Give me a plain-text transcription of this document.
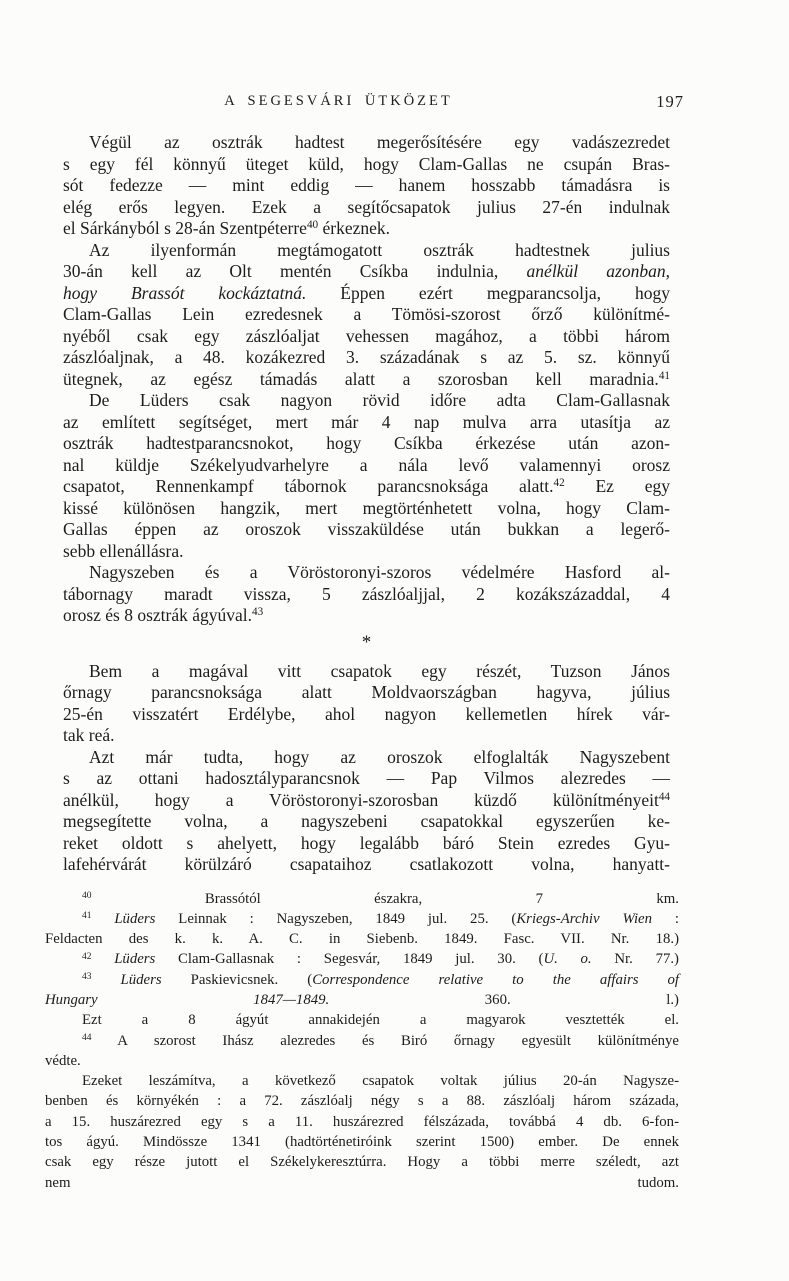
A SEGESVÁRI ÜTKÖZET	197
Végül az osztrák hadtest megerősítésére egy vadászezredet
s egy fél könnyű üteget küld, hogy Clam-Gallas ne csupán Bras-
sót fedezze — mint eddig — hanem hosszabb támadásra is
elég erős legyen. Ezek a segítőcsapatok julius 27-én indulnak
el Sárkányból s 28-án Szentpéterre$^{40}$ érkeznek.
Az ilyenformán megtámogatott osztrák hadtestnek julius
30-án kell az Olt mentén Csíkba indulnia, anélkül azonban,
hogy Brassót kockáztatná. Éppen ezért megparancsolja, hogy
Clam-Gallas Lein ezredesnek a Tömösi-szorost őrző különítmé-
nyéből csak egy zászlóaljat vehessen magához, a többi három
zászlóaljnak, a 48. kozákezred 3. századának s az 5. sz. könnyű
ütegnek, az egész támadás alatt a szorosban kell maradnia.$^{41}$
De Lüders csak nagyon rövid időre adta Clam-Gallasnak
az említett segítséget, mert már 4 nap mulva arra utasítja az
osztrák hadtestparancsnokot, hogy Csíkba érkezése után azon-
nal küldje Székelyudvarhelyre a nála levő valamennyi orosz
csapatot, Rennenkampf tábornok parancsnoksága alatt.$^{42}$ Ez egy
kissé különösen hangzik, mert megtörténhetett volna, hogy Clam-
Gallas éppen az oroszok visszaküldése után bukkan a legerő-
sebb ellenállásra.
Nagyszeben és a Vöröstoronyi-szoros védelmére Hasford al-
tábornagy maradt vissza, 5 zászlóaljjal, 2 kozákszázaddal, 4
orosz és 8 osztrák ágyúval.$^{43}$
*
Bem a magával vitt csapatok egy részét, Tuzson János
őrnagy parancsnoksága alatt Moldvaországban hagyva, július
25-én visszatért Erdélybe, ahol nagyon kellemetlen hírek vár-
tak reá.
Azt már tudta, hogy az oroszok elfoglalták Nagyszebent
s az ottani hadosztályparancsnok — Pap Vilmos alezredes —
anélkül, hogy a Vöröstoronyi-szorosban küzdő különítményeit$^{44}$
megsegítette volna, a nagyszebeni csapatokkal egyszerűen ke-
reket oldott s ahelyett, hogy legalább báró Stein ezredes Gyu-
lafehérvárát körülzáró csapataihoz csatlakozott volna, hanyatt-
$^{40}$ Brassótól északra, 7 km.
$^{41}$ Lüders Leinnak : Nagyszeben, 1849 jul. 25. (Kriegs-Archiv Wien :
Feldacten des k. k. A. C. in Siebenb. 1849. Fasc. VII. Nr. 18.)
$^{42}$ Lüders Clam-Gallasnak : Segesvár, 1849 jul. 30. (U. o. Nr. 77.)
$^{43}$ Lüders Paskievicsnek. (Correspondence relative to the affairs of
Hungary 1847—1849. 360. l.)
Ezt a 8 ágyút annakidején a magyarok vesztették el.
$^{44}$ A szorost Ihász alezredes és Biró őrnagy egyesült különítménye
védte.
Ezeket leszámítva, a következő csapatok voltak július 20-án Nagysze-
benben és környékén : a 72. zászlóalj négy s a 88. zászlóalj három százada,
a 15. huszárezred egy s a 11. huszárezred félszázada, továbbá 4 db. 6-fon-
tos ágyú. Mindössze 1341 (hadtörténetiróink szerint 1500) ember. De ennek
csak egy része jutott el Székelykeresztúrra. Hogy a többi merre széledt, azt
nem tudom.
